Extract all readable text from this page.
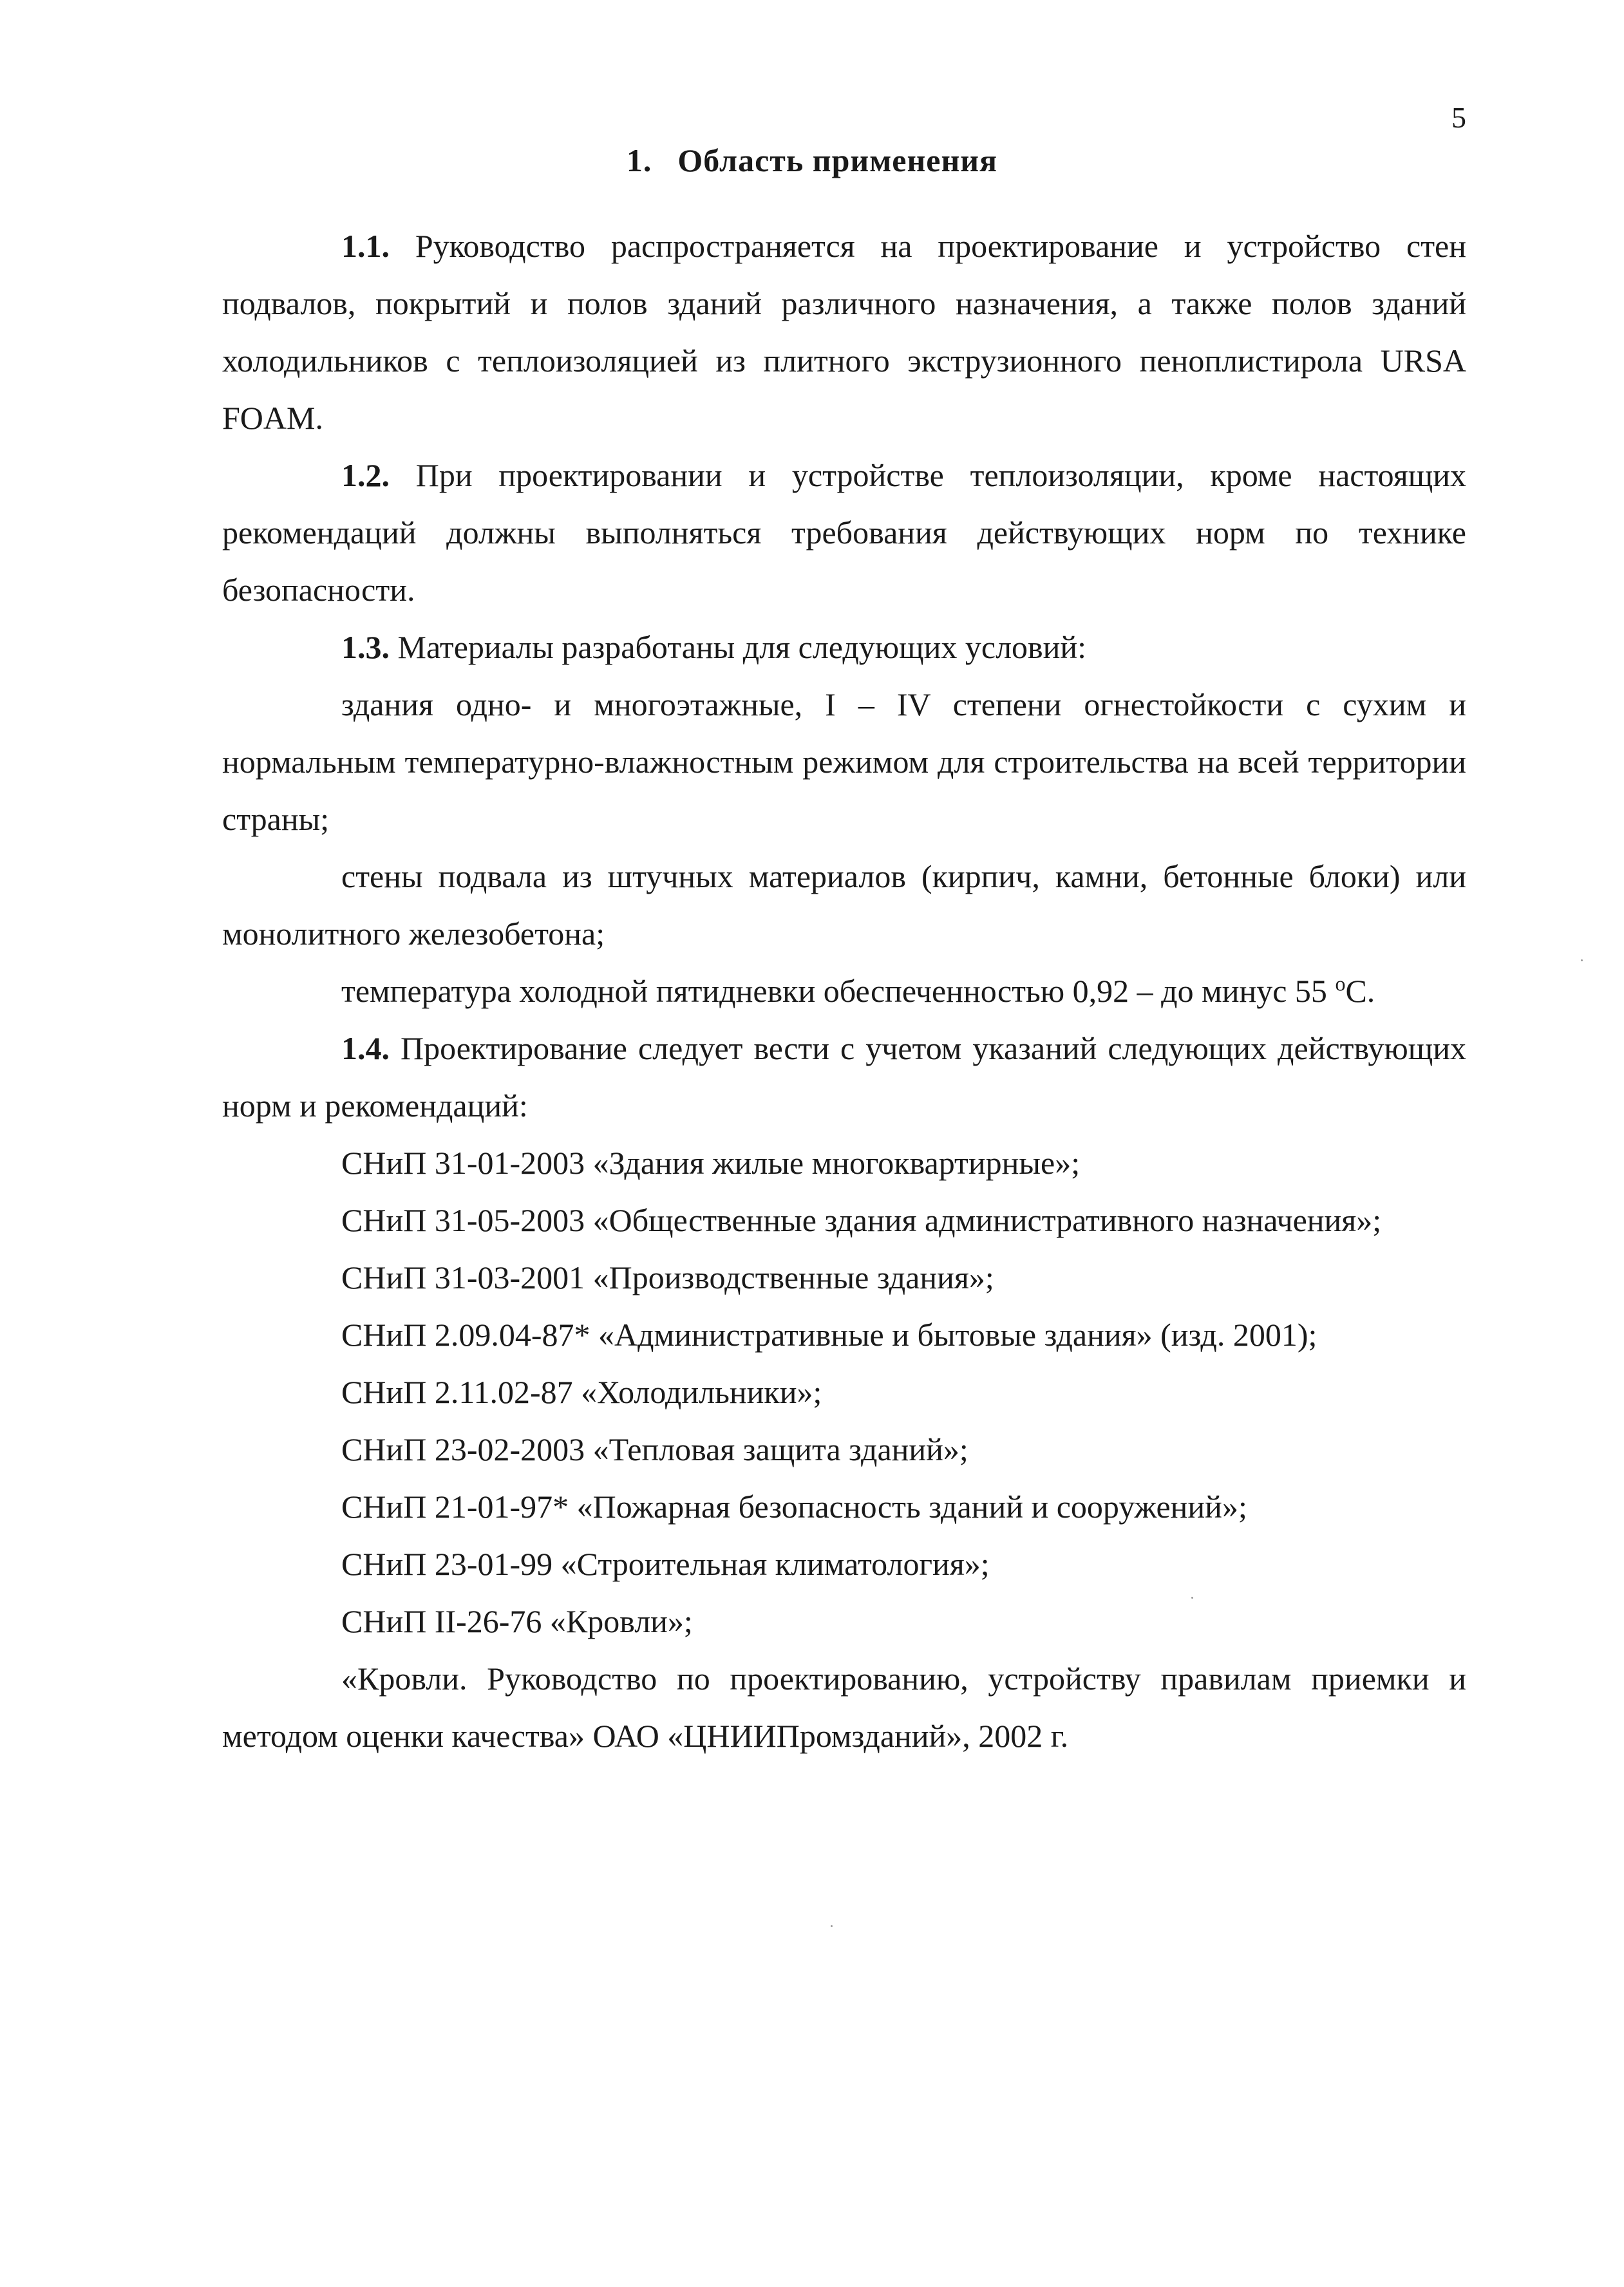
5
1. Область применения

1.1. Руководство распространяется на проектирование и устройство стен подвалов, покрытий и полов зданий различного назначения, а также полов зданий холодильников с теплоизоляцией из плитного экструзионного пеноплистирола URSA FOAM.

1.2. При проектировании и устройстве теплоизоляции, кроме настоящих рекомендаций должны выполняться требования действующих норм по технике безопасности.

1.3. Материалы разработаны для следующих условий:

здания одно- и многоэтажные, I – IV степени огнестойкости с сухим и нормальным температурно-влажностным режимом для строительства на всей территории страны;

стены подвала из штучных материалов (кирпич, камни, бетонные блоки) или монолитного железобетона;

температура холодной пятидневки обеспеченностью 0,92 – до минус 55 $^о$С.

1.4. Проектирование следует вести с учетом указаний следующих действующих норм и рекомендаций:

СНиП 31-01-2003 «Здания жилые многоквартирные»;

СНиП 31-05-2003 «Общественные здания административного назначения»;

СНиП 31-03-2001 «Производственные здания»;

СНиП 2.09.04-87* «Административные и бытовые здания» (изд. 2001);

СНиП 2.11.02-87 «Холодильники»;

СНиП 23-02-2003 «Тепловая защита зданий»;

СНиП 21-01-97* «Пожарная безопасность зданий и сооружений»;

СНиП 23-01-99 «Строительная климатология»;

СНиП II-26-76 «Кровли»;

«Кровли. Руководство по проектированию, устройству правилам приемки и методом оценки качества» ОАО «ЦНИИПромзданий», 2002 г.
